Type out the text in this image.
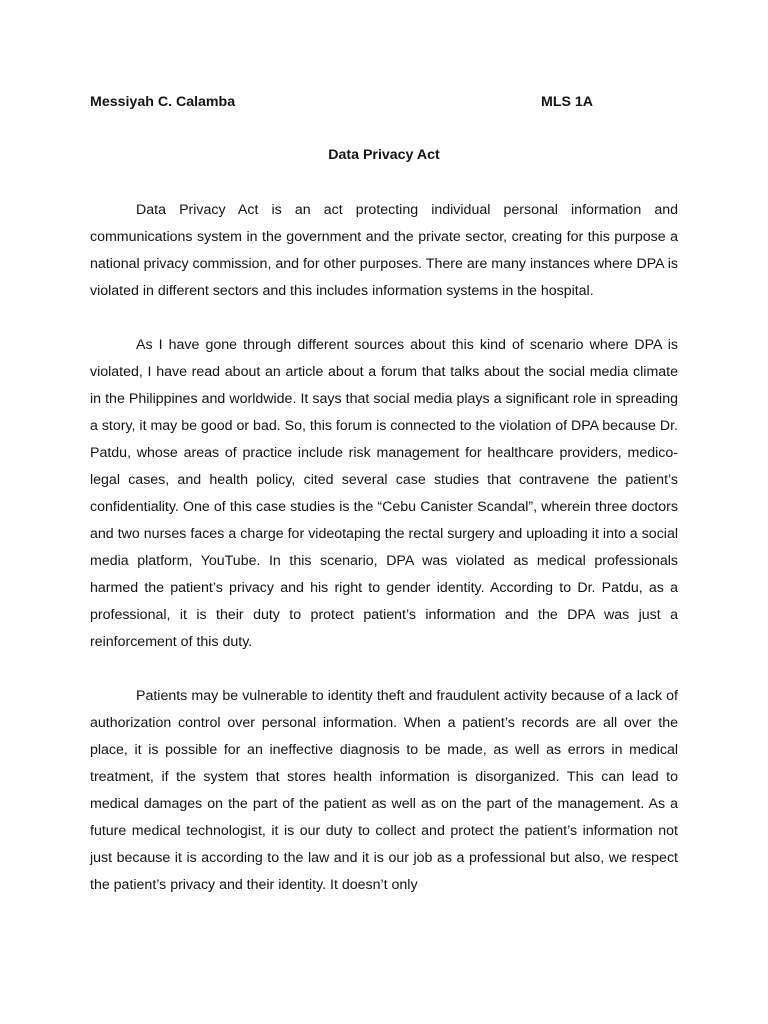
Messiyah C. Calamba	MLS 1A
Data Privacy Act

Data Privacy Act is an act protecting individual personal information and communications system in the government and the private sector, creating for this purpose a national privacy commission, and for other purposes. There are many instances where DPA is violated in different sectors and this includes information systems in the hospital.

As I have gone through different sources about this kind of scenario where DPA is violated, I have read about an article about a forum that talks about the social media climate in the Philippines and worldwide. It says that social media plays a significant role in spreading a story, it may be good or bad. So, this forum is connected to the violation of DPA because Dr. Patdu, whose areas of practice include risk management for healthcare providers, medico-legal cases, and health policy, cited several case studies that contravene the patient’s confidentiality. One of this case studies is the “Cebu Canister Scandal”, wherein three doctors and two nurses faces a charge for videotaping the rectal surgery and uploading it into a social media platform, YouTube. In this scenario, DPA was violated as medical professionals harmed the patient’s privacy and his right to gender identity. According to Dr. Patdu, as a professional, it is their duty to protect patient’s information and the DPA was just a reinforcement of this duty.

Patients may be vulnerable to identity theft and fraudulent activity because of a lack of authorization control over personal information. When a patient’s records are all over the place, it is possible for an ineffective diagnosis to be made, as well as errors in medical treatment, if the system that stores health information is disorganized. This can lead to medical damages on the part of the patient as well as on the part of the management. As a future medical technologist, it is our duty to collect and protect the patient’s information not just because it is according to the law and it is our job as a professional but also, we respect the patient’s privacy and their identity. It doesn’t only
